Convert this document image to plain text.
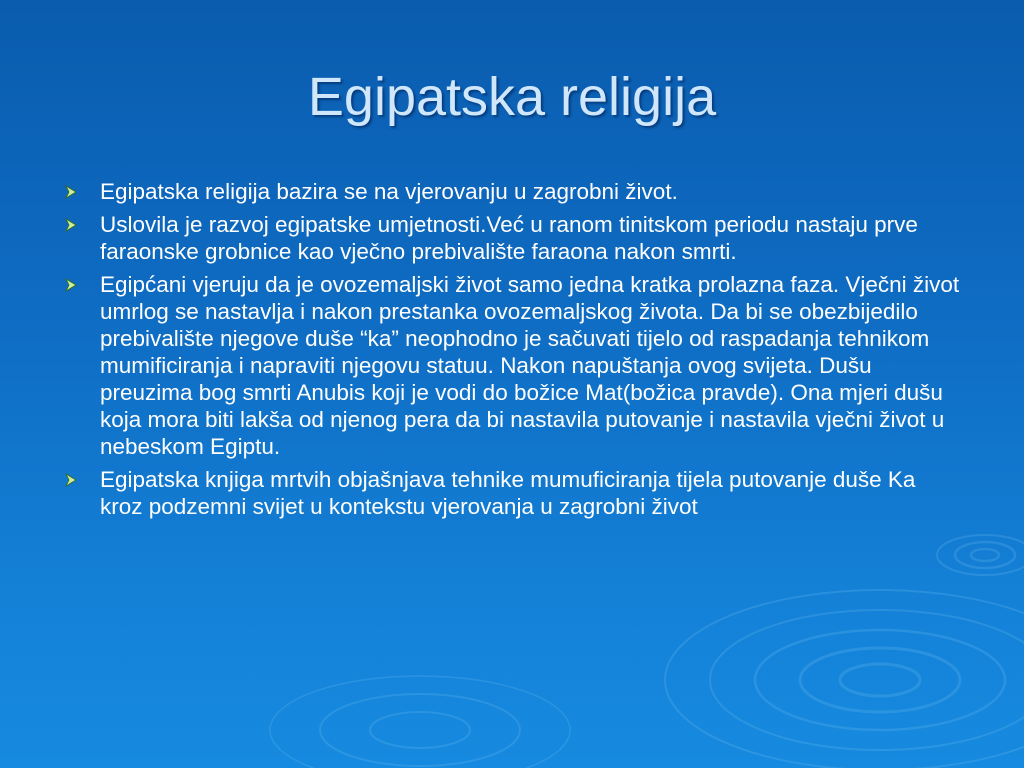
Egipatska religija
Egipatska religija bazira se na vjerovanju u zagrobni život.
Uslovila je razvoj egipatske umjetnosti.Već u ranom tinitskom periodu nastaju prve faraonske grobnice kao vječno prebivalište faraona nakon smrti.
Egipćani vjeruju da je ovozemaljski život samo jedna kratka prolazna faza. Vječni život umrlog se nastavlja i nakon prestanka ovozemaljskog života. Da bi se obezbijedilo prebivalište njegove duše “ka” neophodno je sačuvati tijelo od raspadanja tehnikom mumificiranja i napraviti njegovu statuu. Nakon napuštanja ovog svijeta. Dušu preuzima bog smrti Anubis koji je vodi do božice Mat(božica pravde). Ona mjeri dušu koja mora biti lakša od njenog pera da bi nastavila putovanje i nastavila vječni život u nebeskom Egiptu.
Egipatska knjiga mrtvih objašnjava tehnike mumuficiranja tijela putovanje duše Ka kroz podzemni svijet u kontekstu vjerovanja u zagrobni život
